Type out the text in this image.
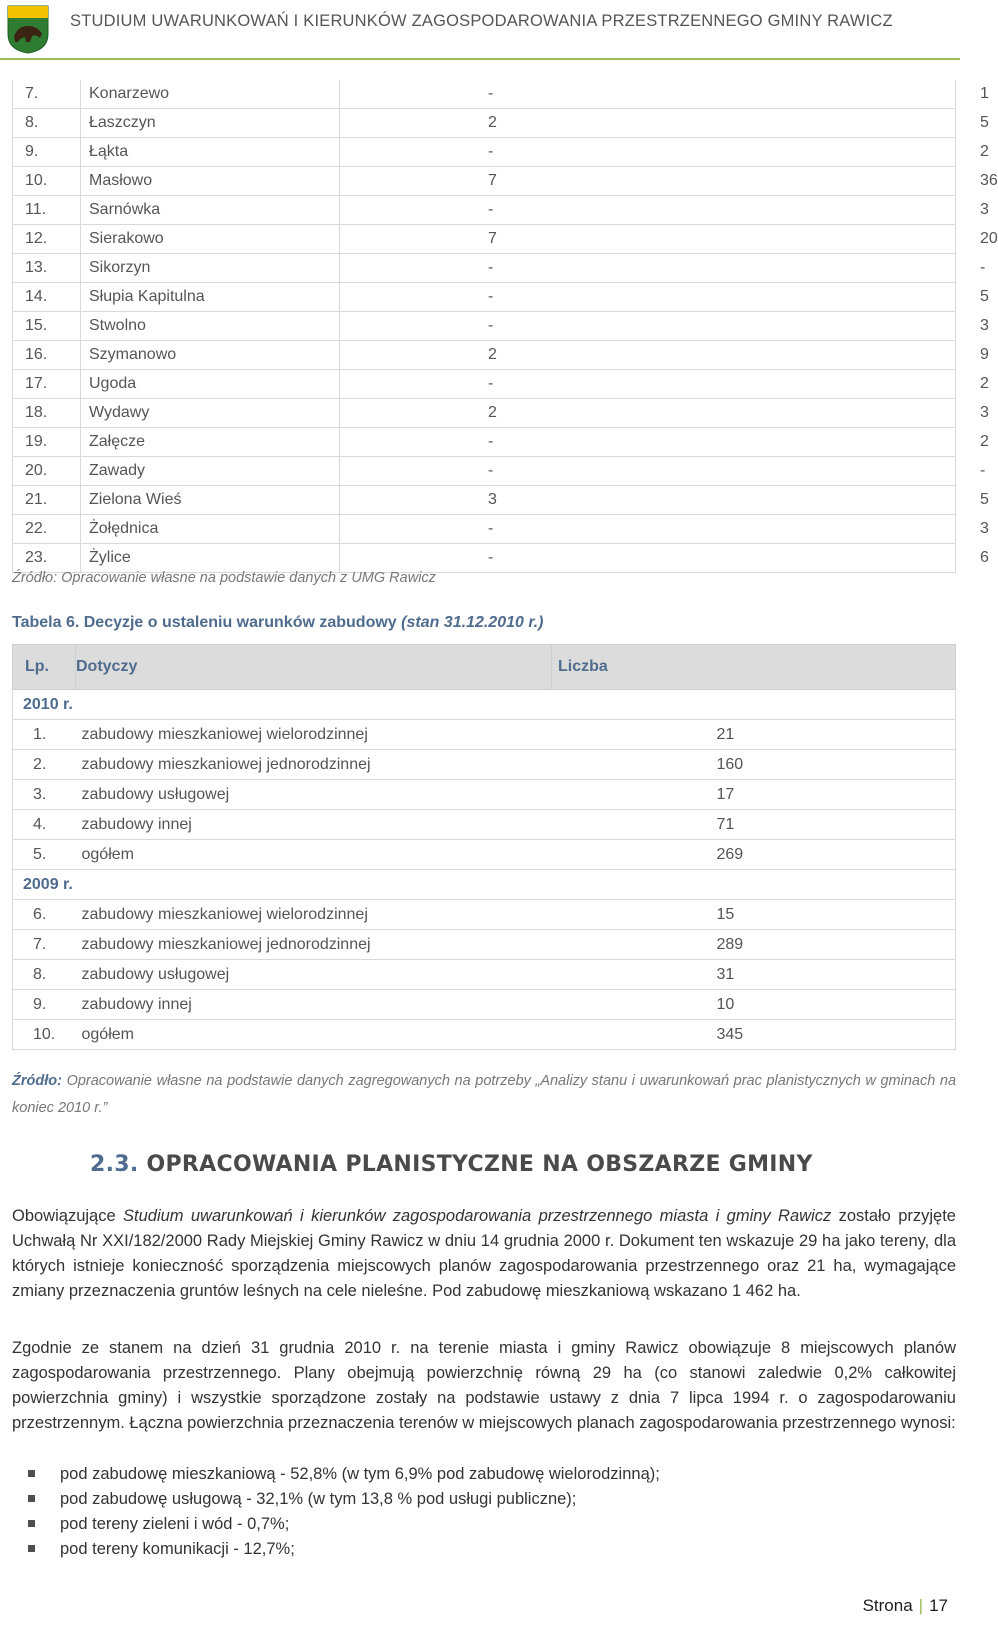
STUDIUM UWARUNKOWAŃ I KIERUNKÓW ZAGOSPODAROWANIA PRZESTRZENNEGO GMINY RAWICZ
7.	Konarzewo	-	1
8.	Łaszczyn	2	5
9.	Łąkta	-	2
10.	Masłowo	7	36
11.	Sarnówka	-	3
12.	Sierakowo	7	20
13.	Sikorzyn	-	-
14.	Słupia Kapitulna	-	5
15.	Stwolno	-	3
16.	Szymanowo	2	9
17.	Ugoda	-	2
18.	Wydawy	2	3
19.	Załęcze	-	2
20.	Zawady	-	-
21.	Zielona Wieś	3	5
22.	Żołędnica	-	3
23.	Żylice	-	6
Źródło: Opracowanie własne na podstawie danych z UMG Rawicz
Tabela 6. Decyzje o ustaleniu warunków zabudowy (stan 31.12.2010 r.)
Lp.	Dotyczy	Liczba
2010 r.		
1.	zabudowy mieszkaniowej wielorodzinnej	21
2.	zabudowy mieszkaniowej jednorodzinnej	160
3.	zabudowy usługowej	17
4.	zabudowy innej	71
5.	ogółem	269
2009 r.		
6.	zabudowy mieszkaniowej wielorodzinnej	15
7.	zabudowy mieszkaniowej jednorodzinnej	289
8.	zabudowy usługowej	31
9.	zabudowy innej	10
10.	ogółem	345
Źródło: Opracowanie własne na podstawie danych zagregowanych na potrzeby „Analizy stanu i uwarunkowań prac planistycznych w gminach na koniec 2010 r.”
2.3. OPRACOWANIA PLANISTYCZNE NA OBSZARZE GMINY
Obowiązujące Studium uwarunkowań i kierunków zagospodarowania przestrzennego miasta i gminy Rawicz zostało przyjęte Uchwałą Nr XXI/182/2000 Rady Miejskiej Gminy Rawicz w dniu 14 grudnia 2000 r. Dokument ten wskazuje 29 ha jako tereny, dla których istnieje konieczność sporządzenia miejscowych planów zagospodarowania przestrzennego oraz 21 ha, wymagające zmiany przeznaczenia gruntów leśnych na cele nieleśne. Pod zabudowę mieszkaniową wskazano 1 462 ha.
Zgodnie ze stanem na dzień 31 grudnia 2010 r. na terenie miasta i gminy Rawicz obowiązuje 8 miejscowych planów zagospodarowania przestrzennego. Plany obejmują powierzchnię równą 29 ha (co stanowi zaledwie 0,2% całkowitej powierzchnia gminy) i wszystkie sporządzone zostały na podstawie ustawy z dnia 7 lipca 1994 r. o zagospodarowaniu przestrzennym. Łączna powierzchnia przeznaczenia terenów w miejscowych planach zagospodarowania przestrzennego wynosi:
pod zabudowę mieszkaniową - 52,8% (w tym 6,9% pod zabudowę wielorodzinną);
pod zabudowę usługową - 32,1% (w tym 13,8 % pod usługi publiczne);
pod tereny zieleni i wód - 0,7%;
pod tereny komunikacji - 12,7%;
Strona | 17
